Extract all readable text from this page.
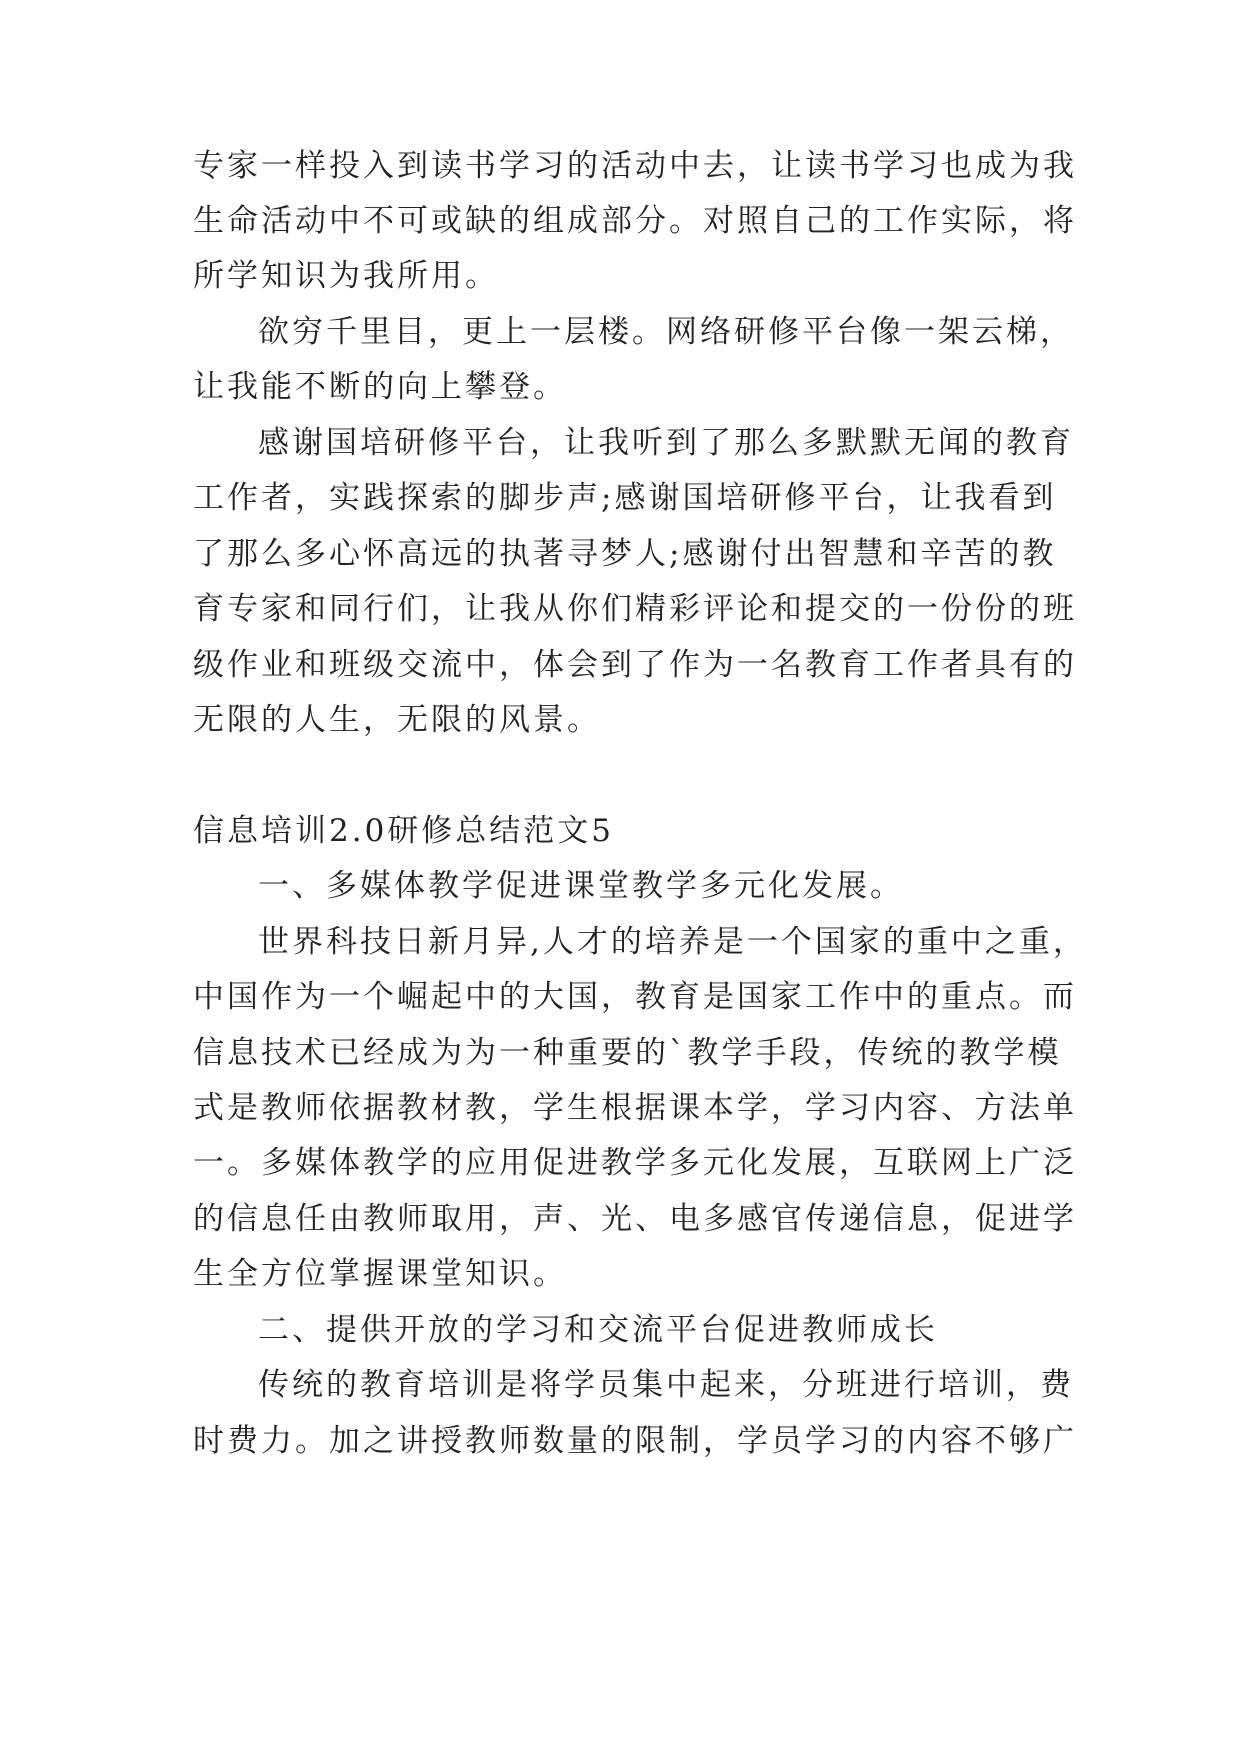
专家一样投入到读书学习的活动中去，让读书学习也成为我
生命活动中不可或缺的组成部分。对照自己的工作实际，将
所学知识为我所用。
欲穷千里目，更上一层楼。网络研修平台像一架云梯，
让我能不断的向上攀登。
感谢国培研修平台，让我听到了那么多默默无闻的教育
工作者，实践探索的脚步声;感谢国培研修平台，让我看到
了那么多心怀高远的执著寻梦人;感谢付出智慧和辛苦的教
育专家和同行们，让我从你们精彩评论和提交的一份份的班
级作业和班级交流中，体会到了作为一名教育工作者具有的
无限的人生，无限的风景。
信息培训2.0研修总结范文5
一、多媒体教学促进课堂教学多元化发展。
世界科技日新月异,人才的培养是一个国家的重中之重，
中国作为一个崛起中的大国，教育是国家工作中的重点。而
信息技术已经成为为一种重要的`教学手段，传统的教学模
式是教师依据教材教，学生根据课本学，学习内容、方法单
一。多媒体教学的应用促进教学多元化发展，互联网上广泛
的信息任由教师取用，声、光、电多感官传递信息，促进学
生全方位掌握课堂知识。
二、提供开放的学习和交流平台促进教师成长
传统的教育培训是将学员集中起来，分班进行培训，费
时费力。加之讲授教师数量的限制，学员学习的内容不够广
